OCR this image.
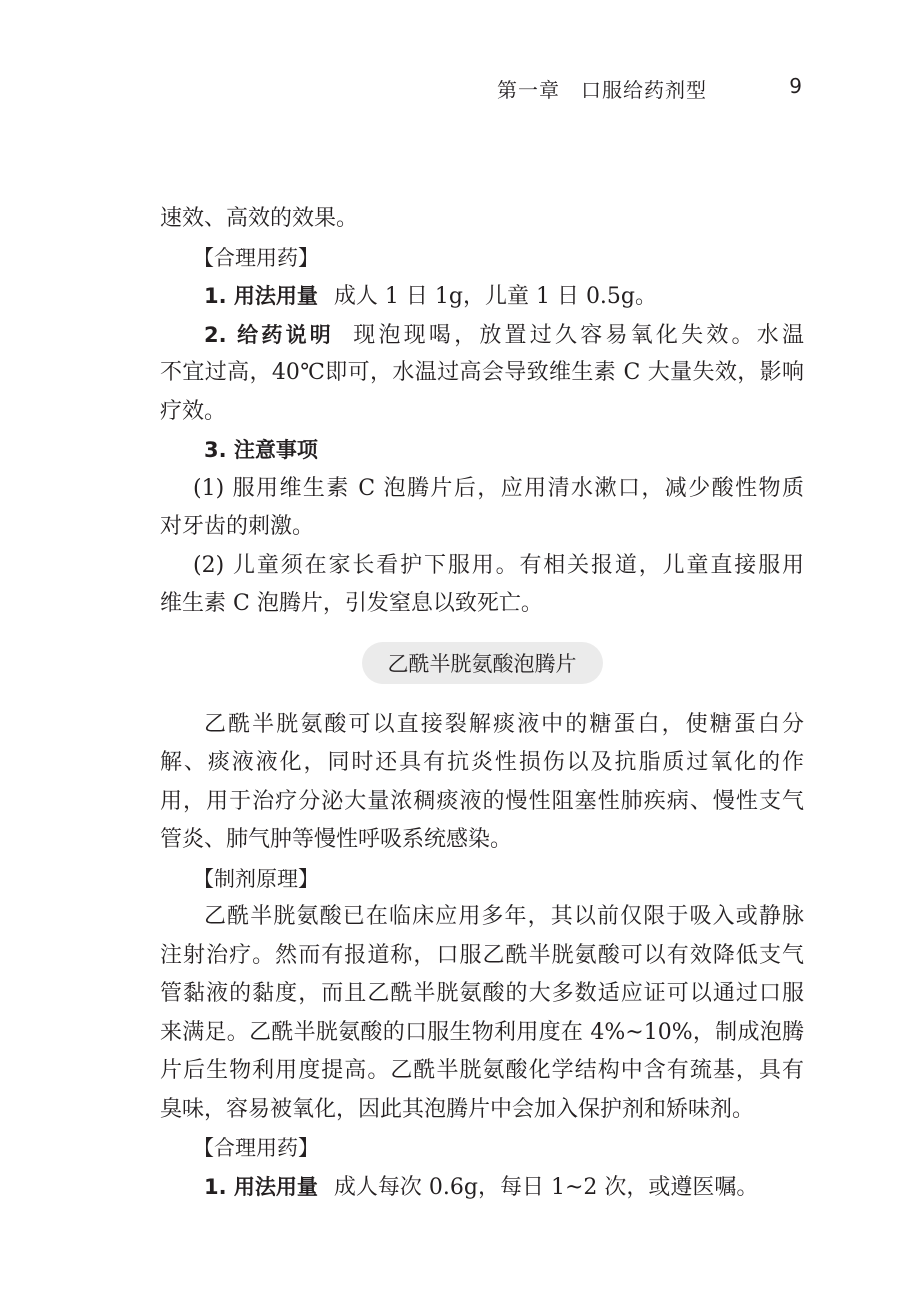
第一章　口服给药剂型	9
速效、高效的效果。
【合理用药】
1. 用法用量 成人 1 日 1g，儿童 1 日 0.5g。
2. 给药说明 现泡现喝，放置过久容易氧化失效。水温
不宜过高，40℃即可，水温过高会导致维生素 C 大量失效，影响
疗效。
3. 注意事项
(1) 服用维生素 C 泡腾片后，应用清水漱口，减少酸性物质
对牙齿的刺激。
(2) 儿童须在家长看护下服用。有相关报道，儿童直接服用
维生素 C 泡腾片，引发窒息以致死亡。
乙酰半胱氨酸泡腾片
乙酰半胱氨酸可以直接裂解痰液中的糖蛋白，使糖蛋白分
解、痰液液化，同时还具有抗炎性损伤以及抗脂质过氧化的作
用，用于治疗分泌大量浓稠痰液的慢性阻塞性肺疾病、慢性支气
管炎、肺气肿等慢性呼吸系统感染。
【制剂原理】
乙酰半胱氨酸已在临床应用多年，其以前仅限于吸入或静脉
注射治疗。然而有报道称，口服乙酰半胱氨酸可以有效降低支气
管黏液的黏度，而且乙酰半胱氨酸的大多数适应证可以通过口服
来满足。乙酰半胱氨酸的口服生物利用度在 4%~10%，制成泡腾
片后生物利用度提高。乙酰半胱氨酸化学结构中含有巯基，具有
臭味，容易被氧化，因此其泡腾片中会加入保护剂和矫味剂。
【合理用药】
1. 用法用量 成人每次 0.6g，每日 1~2 次，或遵医嘱。
